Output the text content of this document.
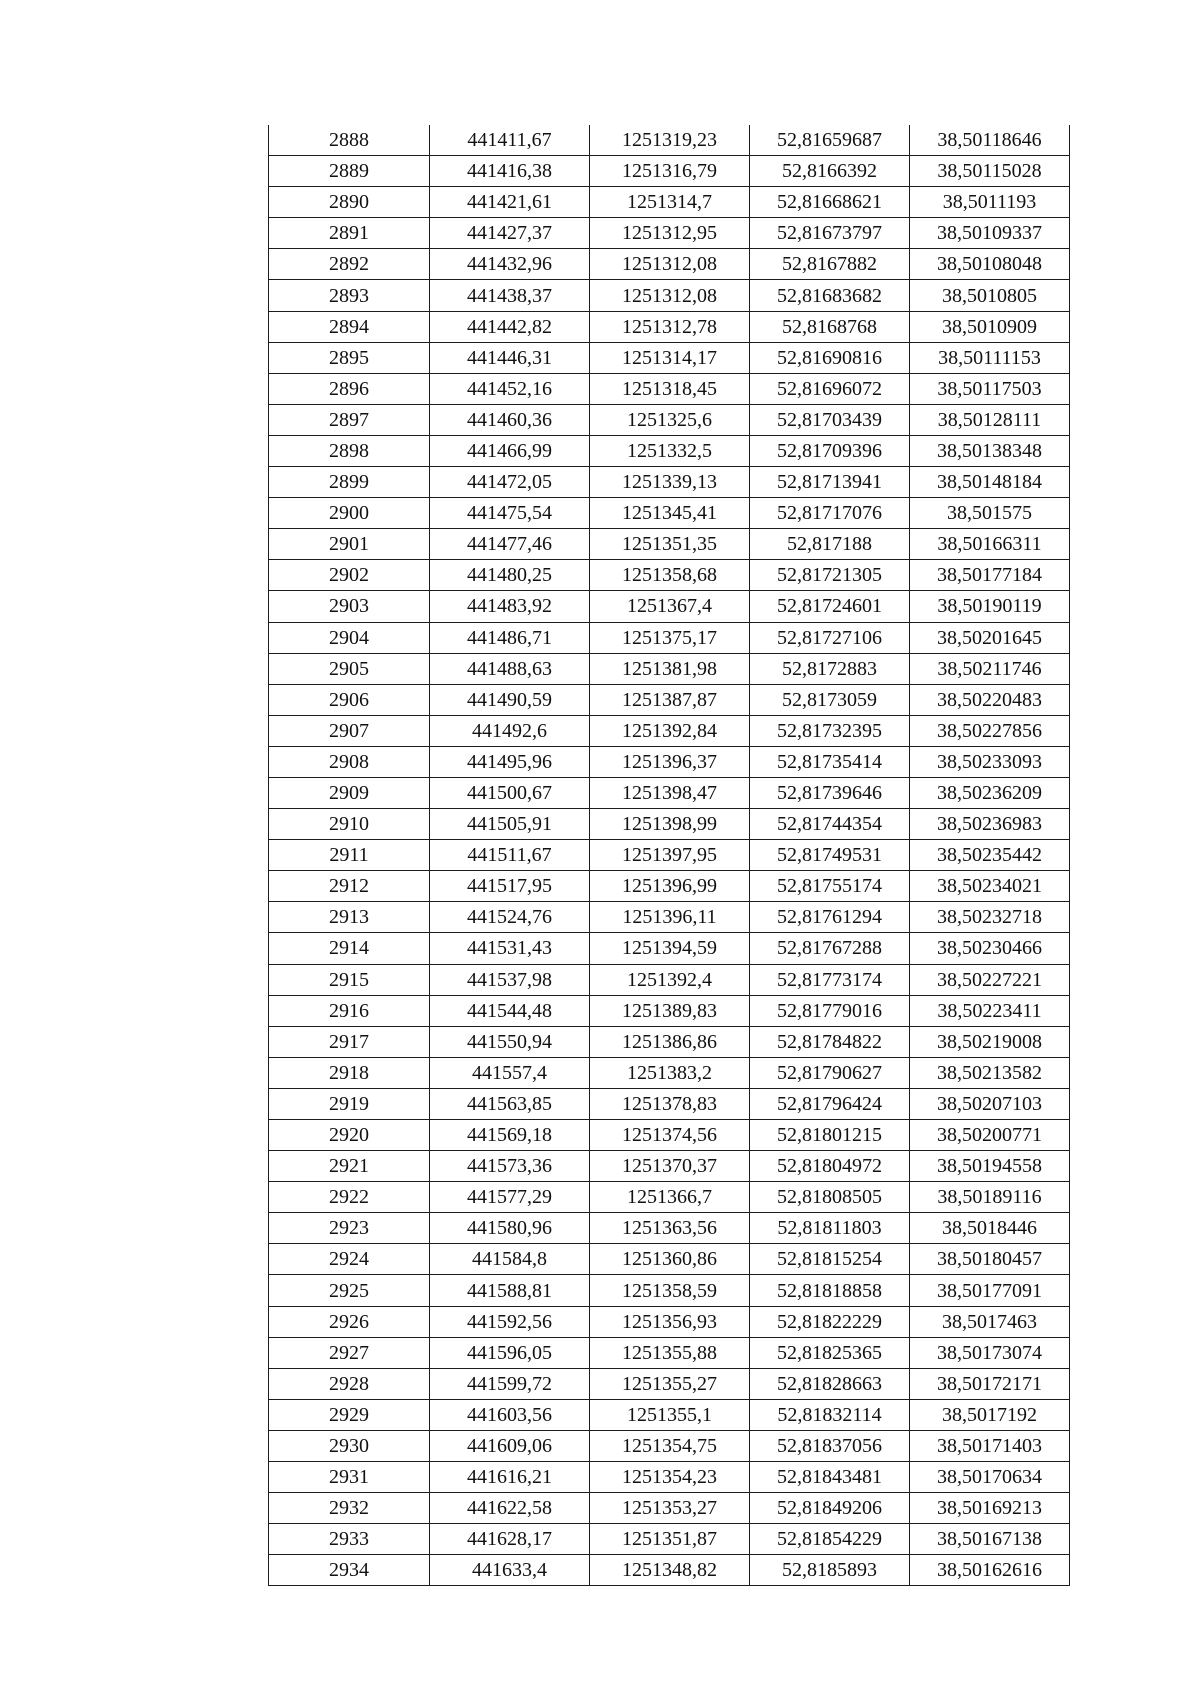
2888	441411,67	1251319,23	52,81659687	38,50118646
2889	441416,38	1251316,79	52,8166392	38,50115028
2890	441421,61	1251314,7	52,81668621	38,5011193
2891	441427,37	1251312,95	52,81673797	38,50109337
2892	441432,96	1251312,08	52,8167882	38,50108048
2893	441438,37	1251312,08	52,81683682	38,5010805
2894	441442,82	1251312,78	52,8168768	38,5010909
2895	441446,31	1251314,17	52,81690816	38,50111153
2896	441452,16	1251318,45	52,81696072	38,50117503
2897	441460,36	1251325,6	52,81703439	38,50128111
2898	441466,99	1251332,5	52,81709396	38,50138348
2899	441472,05	1251339,13	52,81713941	38,50148184
2900	441475,54	1251345,41	52,81717076	38,501575
2901	441477,46	1251351,35	52,817188	38,50166311
2902	441480,25	1251358,68	52,81721305	38,50177184
2903	441483,92	1251367,4	52,81724601	38,50190119
2904	441486,71	1251375,17	52,81727106	38,50201645
2905	441488,63	1251381,98	52,8172883	38,50211746
2906	441490,59	1251387,87	52,8173059	38,50220483
2907	441492,6	1251392,84	52,81732395	38,50227856
2908	441495,96	1251396,37	52,81735414	38,50233093
2909	441500,67	1251398,47	52,81739646	38,50236209
2910	441505,91	1251398,99	52,81744354	38,50236983
2911	441511,67	1251397,95	52,81749531	38,50235442
2912	441517,95	1251396,99	52,81755174	38,50234021
2913	441524,76	1251396,11	52,81761294	38,50232718
2914	441531,43	1251394,59	52,81767288	38,50230466
2915	441537,98	1251392,4	52,81773174	38,50227221
2916	441544,48	1251389,83	52,81779016	38,50223411
2917	441550,94	1251386,86	52,81784822	38,50219008
2918	441557,4	1251383,2	52,81790627	38,50213582
2919	441563,85	1251378,83	52,81796424	38,50207103
2920	441569,18	1251374,56	52,81801215	38,50200771
2921	441573,36	1251370,37	52,81804972	38,50194558
2922	441577,29	1251366,7	52,81808505	38,50189116
2923	441580,96	1251363,56	52,81811803	38,5018446
2924	441584,8	1251360,86	52,81815254	38,50180457
2925	441588,81	1251358,59	52,81818858	38,50177091
2926	441592,56	1251356,93	52,81822229	38,5017463
2927	441596,05	1251355,88	52,81825365	38,50173074
2928	441599,72	1251355,27	52,81828663	38,50172171
2929	441603,56	1251355,1	52,81832114	38,5017192
2930	441609,06	1251354,75	52,81837056	38,50171403
2931	441616,21	1251354,23	52,81843481	38,50170634
2932	441622,58	1251353,27	52,81849206	38,50169213
2933	441628,17	1251351,87	52,81854229	38,50167138
2934	441633,4	1251348,82	52,8185893	38,50162616
